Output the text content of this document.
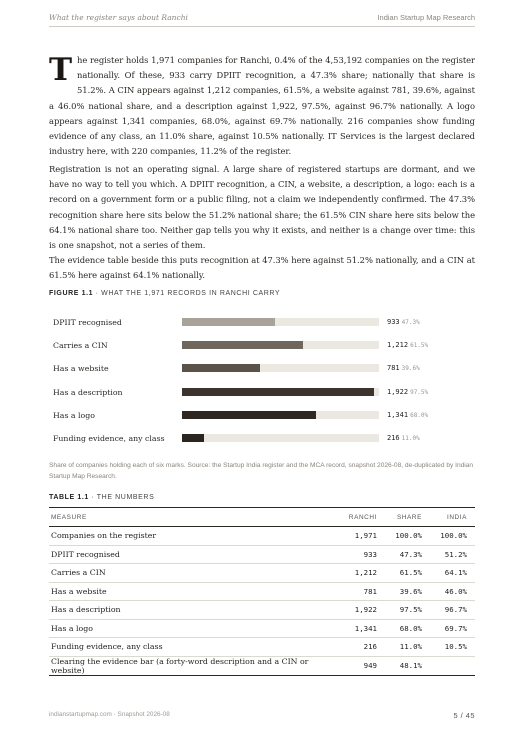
What the register says about Ranchi	Indian Startup Map Research
The register holds 1,971 companies for Ranchi, 0.4% of the 4,53,192 companies on the register nationally. Of these, 933 carry DPIIT recognition, a 47.3% share; nationally that share is 51.2%. A CIN appears against 1,212 companies, 61.5%, a website against 781, 39.6%, against a 46.0% national share, and a description against 1,922, 97.5%, against 96.7% nationally. A logo appears against 1,341 companies, 68.0%, against 69.7% nationally. 216 companies show funding evidence of any class, an 11.0% share, against 10.5% nationally. IT Services is the largest declared industry here, with 220 companies, 11.2% of the register.
Registration is not an operating signal. A large share of registered startups are dormant, and we have no way to tell you which. A DPIIT recognition, a CIN, a website, a description, a logo: each is a record on a government form or a public filing, not a claim we independently confirmed. The 47.3% recognition share here sits below the 51.2% national share; the 61.5% CIN share here sits below the 64.1% national share too. Neither gap tells you why it exists, and neither is a change over time: this is one snapshot, not a series of them.
The evidence table beside this puts recognition at 47.3% here against 51.2% nationally, and a CIN at 61.5% here against 64.1% nationally.
FIGURE 1.1 · WHAT THE 1,971 RECORDS IN RANCHI CARRY
DPIIT recognised	933 47.3%
Carries a CIN	1,212 61.5%
Has a website	781 39.6%
Has a description	1,922 97.5%
Has a logo	1,341 68.0%
Funding evidence, any class	216 11.0%
Share of companies holding each of six marks. Source: the Startup India register and the MCA record, snapshot 2026-08, de-duplicated by Indian Startup Map Research.
TABLE 1.1 · THE NUMBERS
MEASURE	RANCHI	SHARE	INDIA
Companies on the register	1,971	100.0%	100.0%
DPIIT recognised	933	47.3%	51.2%
Carries a CIN	1,212	61.5%	64.1%
Has a website	781	39.6%	46.0%
Has a description	1,922	97.5%	96.7%
Has a logo	1,341	68.0%	69.7%
Funding evidence, any class	216	11.0%	10.5%
Clearing the evidence bar (a forty-word description and a CIN or website)	949	48.1%	
indianstartupmap.com · Snapshot 2026-08	5 / 45
